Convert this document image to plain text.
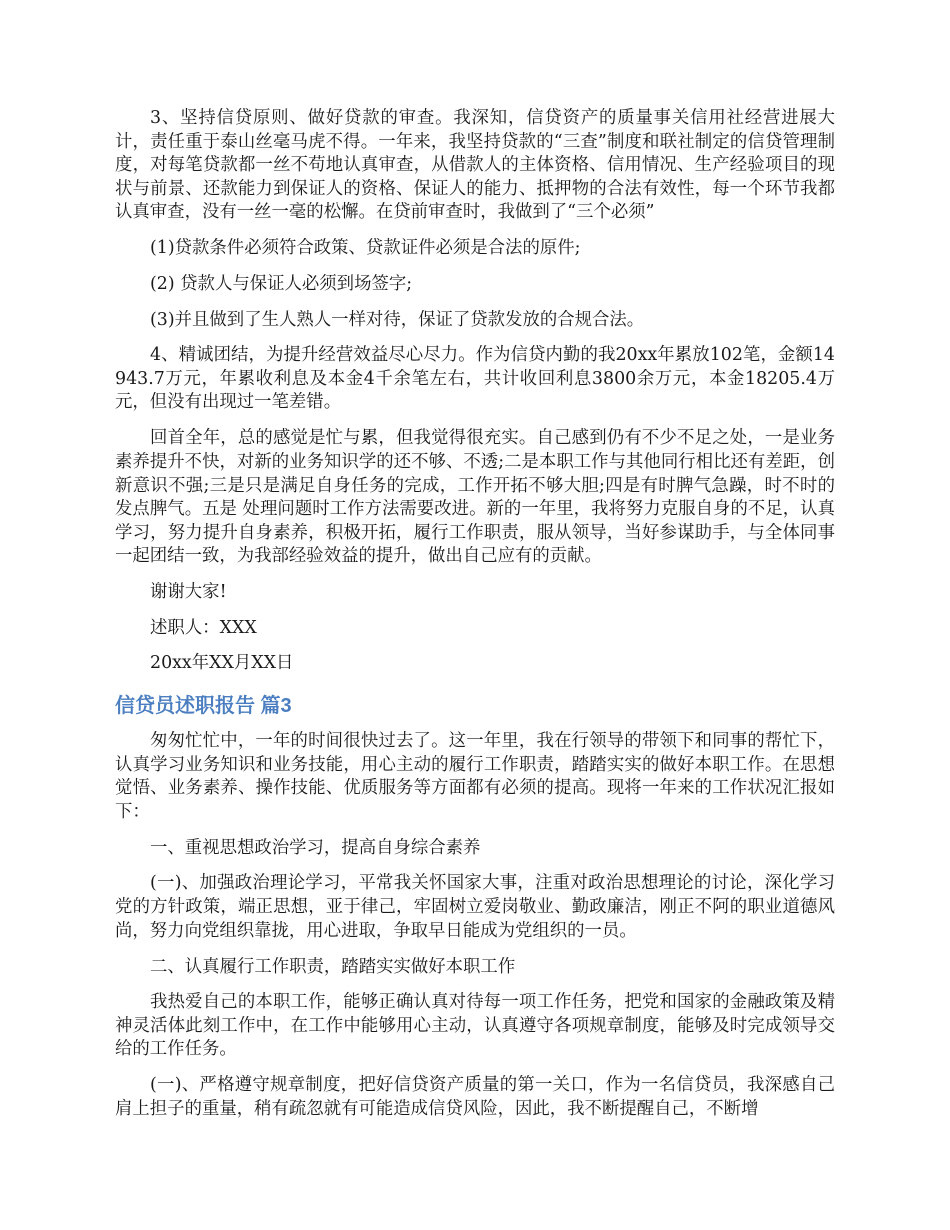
3、坚持信贷原则、做好贷款的审查。我深知，信贷资产的质量事关信用社经营进展大计，责任重于泰山丝毫马虎不得。一年来，我坚持贷款的“三查”制度和联社制定的信贷管理制度，对每笔贷款都一丝不苟地认真审查，从借款人的主体资格、信用情况、生产经验项目的现状与前景、还款能力到保证人的资格、保证人的能力、抵押物的合法有效性，每一个环节我都认真审查，没有一丝一毫的松懈。在贷前审查时，我做到了“三个必须”

(1)贷款条件必须符合政策、贷款证件必须是合法的原件;

(2) 贷款人与保证人必须到场签字;

(3)并且做到了生人熟人一样对待，保证了贷款发放的合规合法。

4、精诚团结，为提升经营效益尽心尽力。作为信贷内勤的我20xx年累放102笔，金额14943.7万元，年累收利息及本金4千余笔左右，共计收回利息3800余万元，本金18205.4万元，但没有出现过一笔差错。

回首全年，总的感觉是忙与累，但我觉得很充实。自己感到仍有不少不足之处，一是业务素养提升不快，对新的业务知识学的还不够、不透;二是本职工作与其他同行相比还有差距，创新意识不强;三是只是满足自身任务的完成，工作开拓不够大胆;四是有时脾气急躁，时不时的发点脾气。五是 处理问题时工作方法需要改进。新的一年里，我将努力克服自身的不足，认真学习，努力提升自身素养，积极开拓，履行工作职责，服从领导，当好参谋助手，与全体同事一起团结一致，为我部经验效益的提升，做出自己应有的贡献。

谢谢大家!

述职人：XXX

20xx年XX月XX日

信贷员述职报告 篇3

匆匆忙忙中，一年的时间很快过去了。这一年里，我在行领导的带领下和同事的帮忙下，认真学习业务知识和业务技能，用心主动的履行工作职责，踏踏实实的做好本职工作。在思想觉悟、业务素养、操作技能、优质服务等方面都有必须的提高。现将一年来的工作状况汇报如下：

一、重视思想政治学习，提高自身综合素养

(一)、加强政治理论学习，平常我关怀国家大事，注重对政治思想理论的讨论，深化学习党的方针政策，端正思想，亚于律己，牢固树立爱岗敬业、勤政廉洁，刚正不阿的职业道德风尚，努力向党组织靠拢，用心进取，争取早日能成为党组织的一员。

二、认真履行工作职责，踏踏实实做好本职工作

我热爱自己的本职工作，能够正确认真对待每一项工作任务，把党和国家的金融政策及精神灵活体此刻工作中，在工作中能够用心主动，认真遵守各项规章制度，能够及时完成领导交给的工作任务。

(一)、严格遵守规章制度，把好信贷资产质量的第一关口，作为一名信贷员，我深感自己肩上担子的重量，稍有疏忽就有可能造成信贷风险，因此，我不断提醒自己，不断增
